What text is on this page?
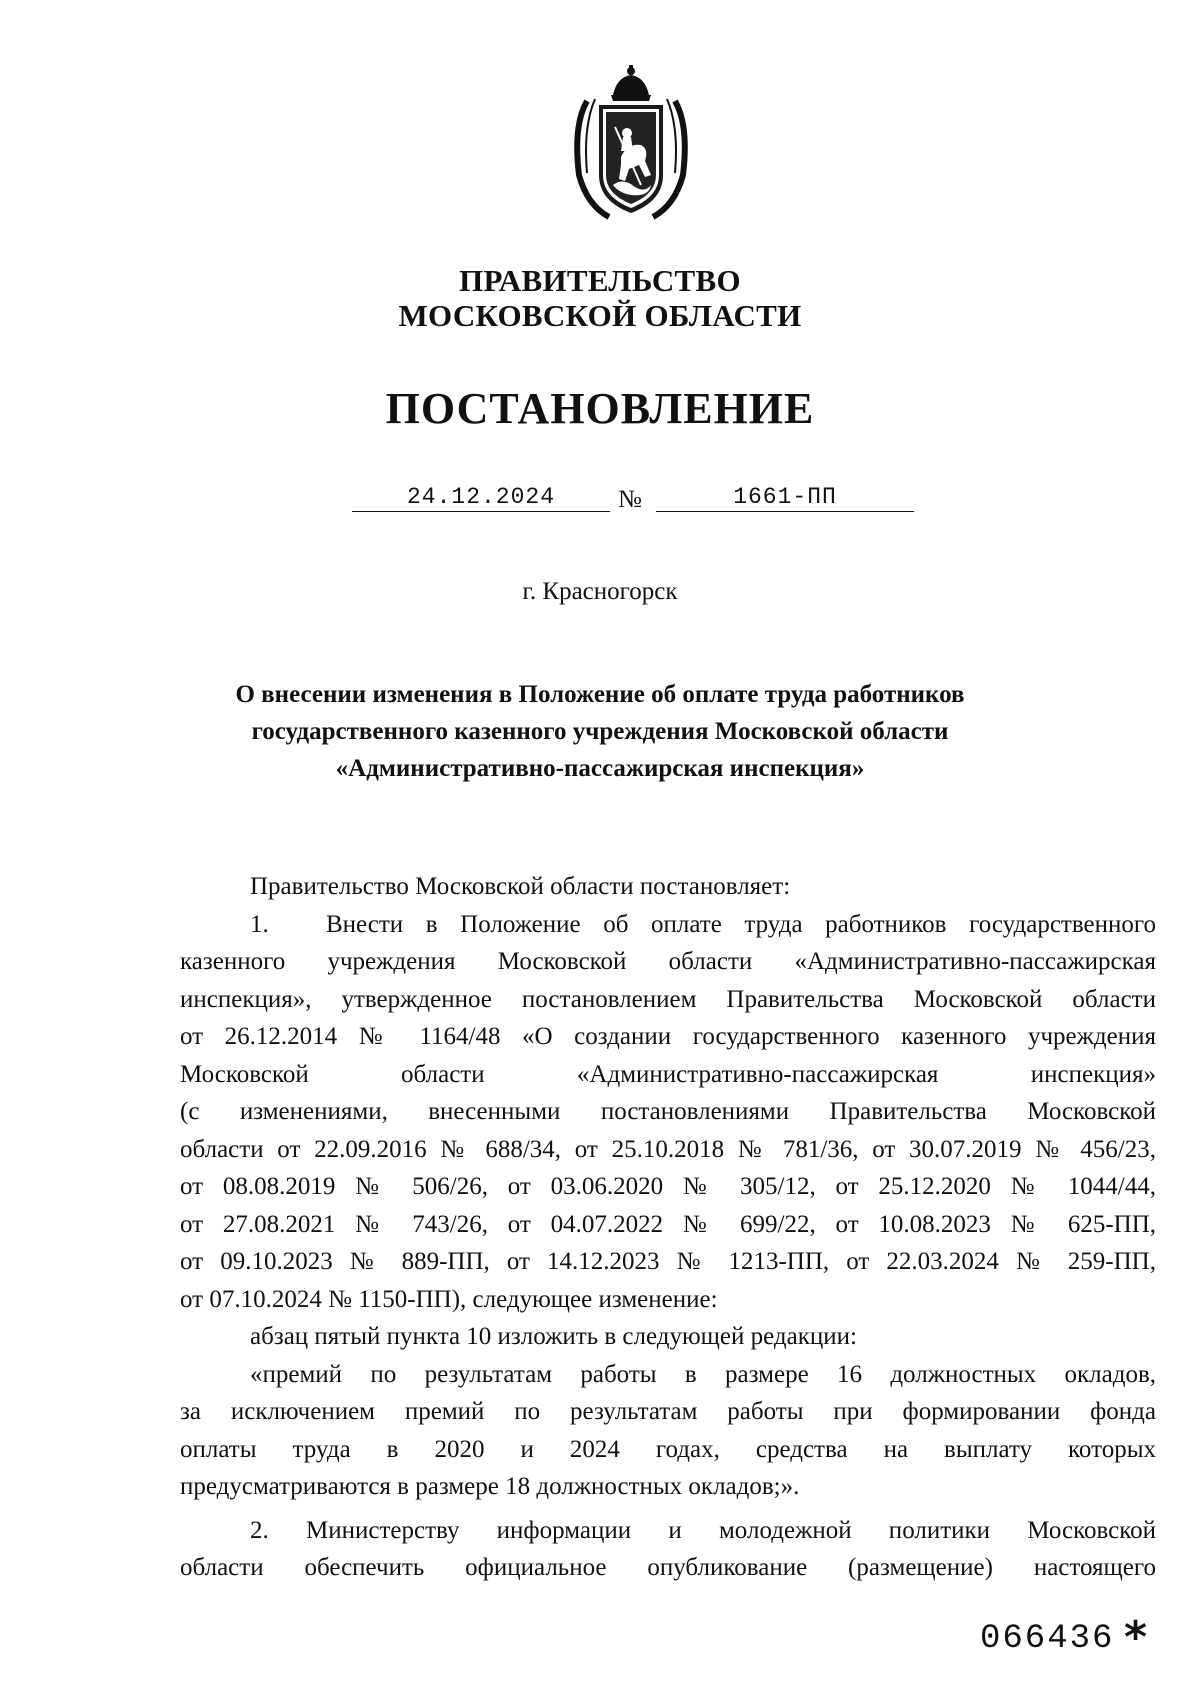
ПРАВИТЕЛЬСТВО
МОСКОВСКОЙ ОБЛАСТИ
ПОСТАНОВЛЕНИЕ
24.12.2024	№	1661-ПП
г. Красногорск
О внесении изменения в Положение об оплате труда работников
государственного казенного учреждения Московской области
«Административно-пассажирская инспекция»

Правительство Московской области постановляет:

1. Внести в Положение об оплате труда работников государственного
казенного учреждения Московской области «Административно-пассажирская
инспекция», утвержденное постановлением Правительства Московской области
от 26.12.2014 № 1164/48 «О создании государственного казенного учреждения
Московской области «Административно-пассажирская инспекция»
(с изменениями, внесенными постановлениями Правительства Московской
области от 22.09.2016 № 688/34, от 25.10.2018 № 781/36, от 30.07.2019 № 456/23,
от 08.08.2019 № 506/26, от 03.06.2020 № 305/12, от 25.12.2020 № 1044/44,
от 27.08.2021 № 743/26, от 04.07.2022 № 699/22, от 10.08.2023 № 625-ПП,
от 09.10.2023 № 889-ПП, от 14.12.2023 № 1213-ПП, от 22.03.2024 № 259-ПП,
от 07.10.2024 № 1150-ПП), следующее изменение:

абзац пятый пункта 10 изложить в следующей редакции:

«премий по результатам работы в размере 16 должностных окладов,
за исключением премий по результатам работы при формировании фонда
оплаты труда в 2020 и 2024 годах, средства на выплату которых
предусматриваются в размере 18 должностных окладов;».
2. Министерству информации и молодежной политики Московской
области обеспечить официальное опубликование (размещение) настоящего
066436 *
